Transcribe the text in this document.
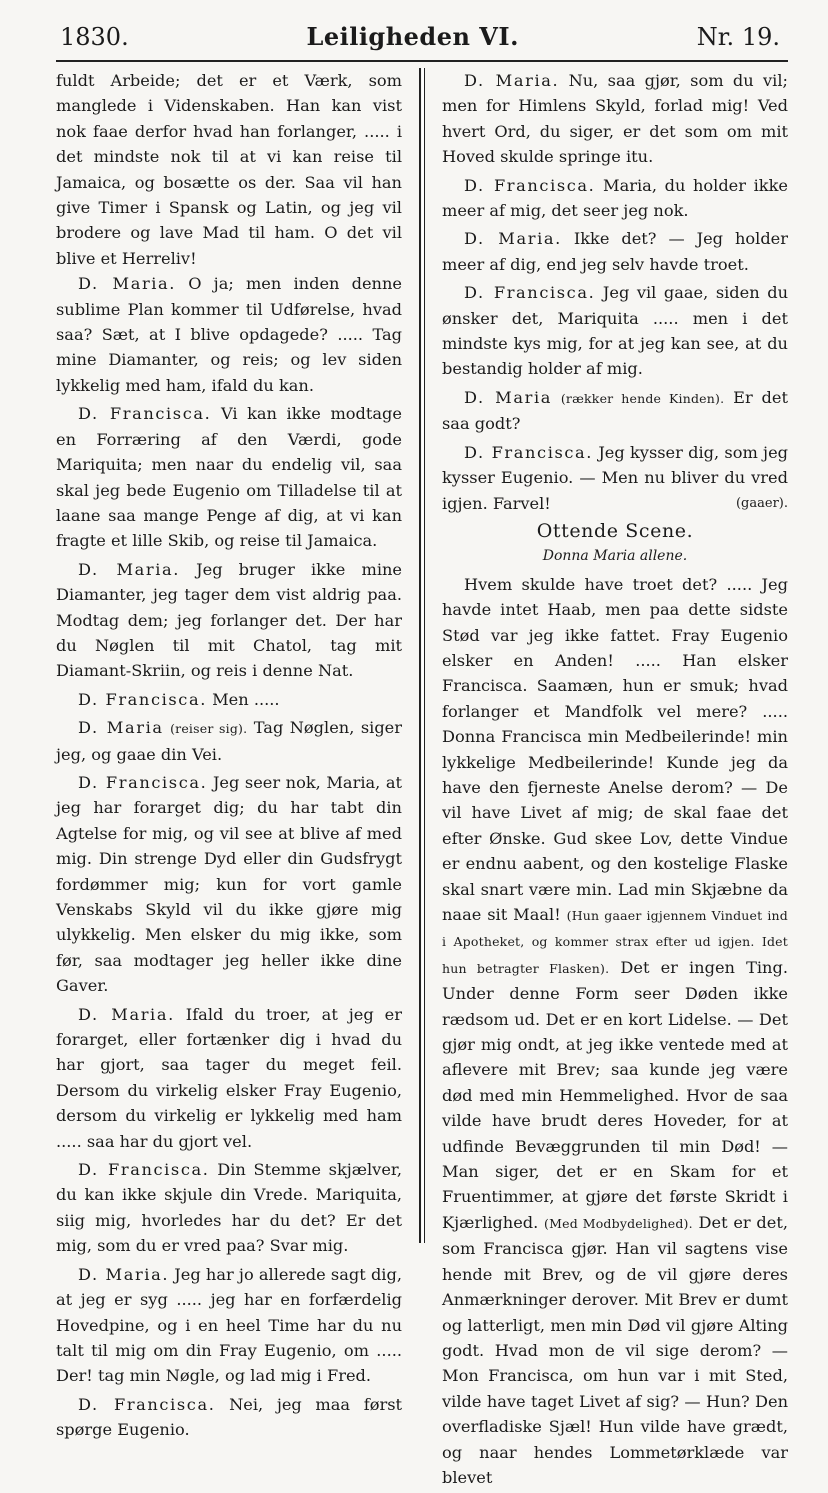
1830.	Leiligheden VI.	Nr. 19.

fuldt Arbeide; det er et Værk, som manglede i Videnskaben. Han kan vist nok faae derfor hvad han forlanger, ..... i det mindste nok til at vi kan reise til Jamaica, og bosætte os der. Saa vil han give Timer i Spansk og Latin, og jeg vil brodere og lave Mad til ham. O det vil blive et Herreliv!

D. Maria. O ja; men inden denne sublime Plan kommer til Udførelse, hvad saa? Sæt, at I blive opdagede? ..... Tag mine Diamanter, og reis; og lev siden lykkelig med ham, ifald du kan.

D. Francisca. Vi kan ikke modtage en Forræring af den Værdi, gode Mariquita; men naar du endelig vil, saa skal jeg bede Eugenio om Tilladelse til at laane saa mange Penge af dig, at vi kan fragte et lille Skib, og reise til Jamaica.

D. Maria. Jeg bruger ikke mine Diamanter, jeg tager dem vist aldrig paa. Modtag dem; jeg forlanger det. Der har du Nøglen til mit Chatol, tag mit Diamant-Skriin, og reis i denne Nat.

D. Francisca. Men .....

D. Maria (reiser sig). Tag Nøglen, siger jeg, og gaae din Vei.

D. Francisca. Jeg seer nok, Maria, at jeg har forarget dig; du har tabt din Agtelse for mig, og vil see at blive af med mig. Din strenge Dyd eller din Gudsfrygt fordømmer mig; kun for vort gamle Venskabs Skyld vil du ikke gjøre mig ulykkelig. Men elsker du mig ikke, som før, saa modtager jeg heller ikke dine Gaver.

D. Maria. Ifald du troer, at jeg er forarget, eller fortænker dig i hvad du har gjort, saa tager du meget feil. Dersom du virkelig elsker Fray Eugenio, dersom du virkelig er lykkelig med ham ..... saa har du gjort vel.

D. Francisca. Din Stemme skjælver, du kan ikke skjule din Vrede. Mariquita, siig mig, hvorledes har du det? Er det mig, som du er vred paa? Svar mig.

D. Maria. Jeg har jo allerede sagt dig, at jeg er syg ..... jeg har en forfærdelig Hovedpine, og i en heel Time har du nu talt til mig om din Fray Eugenio, om ..... Der! tag min Nøgle, og lad mig i Fred.

D. Francisca. Nei, jeg maa først spørge Eugenio.

D. Maria. Nu, saa gjør, som du vil; men for Himlens Skyld, forlad mig! Ved hvert Ord, du siger, er det som om mit Hoved skulde springe itu.

D. Francisca. Maria, du holder ikke meer af mig, det seer jeg nok.

D. Maria. Ikke det? — Jeg holder meer af dig, end jeg selv havde troet.

D. Francisca. Jeg vil gaae, siden du ønsker det, Mariquita ..... men i det mindste kys mig, for at jeg kan see, at du bestandig holder af mig.

D. Maria (rækker hende Kinden). Er det saa godt?

D. Francisca. Jeg kysser dig, som jeg kysser Eugenio. — Men nu bliver du vred igjen. Farvel!	(gaaer).

Ottende Scene.
Donna Maria allene.

Hvem skulde have troet det? ..... Jeg havde intet Haab, men paa dette sidste Stød var jeg ikke fattet. Fray Eugenio elsker en Anden! ..... Han elsker Francisca. Saamæn, hun er smuk; hvad forlanger et Mandfolk vel mere? ..... Donna Francisca min Medbeilerinde! min lykkelige Medbeilerinde! Kunde jeg da have den fjerneste Anelse derom? — De vil have Livet af mig; de skal faae det efter Ønske. Gud skee Lov, dette Vindue er endnu aabent, og den kostelige Flaske skal snart være min. Lad min Skjæbne da naae sit Maal! (Hun gaaer igjennem Vinduet ind i Apotheket, og kommer strax efter ud igjen. Idet hun betragter Flasken). Det er ingen Ting. Under denne Form seer Døden ikke rædsom ud. Det er en kort Lidelse. — Det gjør mig ondt, at jeg ikke ventede med at aflevere mit Brev; saa kunde jeg være død med min Hemmelighed. Hvor de saa vilde have brudt deres Hoveder, for at udfinde Bevæggrunden til min Død! — Man siger, det er en Skam for et Fruentimmer, at gjøre det første Skridt i Kjærlighed. (Med Modbydelighed). Det er det, som Francisca gjør. Han vil sagtens vise hende mit Brev, og de vil gjøre deres Anmærkninger derover. Mit Brev er dumt og latterligt, men min Død vil gjøre Alting godt. Hvad mon de vil sige derom? — Mon Francisca, om hun var i mit Sted, vilde have taget Livet af sig? — Hun? Den overfladiske Sjæl! Hun vilde have grædt, og naar hendes Lommetørklæde var blevet
